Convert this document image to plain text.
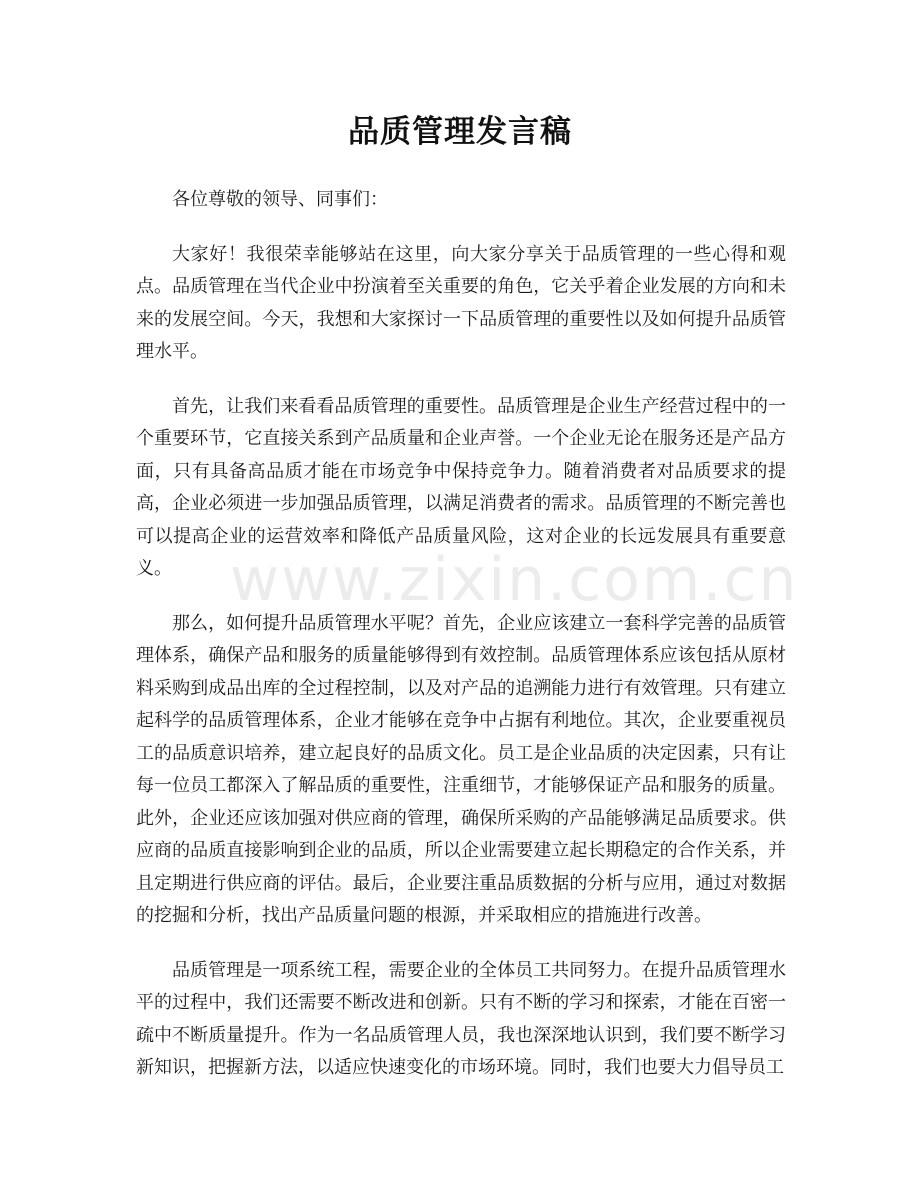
品质管理发言稿

各位尊敬的领导、同事们：

大家好！我很荣幸能够站在这里，向大家分享关于品质管理的一些心得和观点。品质管理在当代企业中扮演着至关重要的角色，它关乎着企业发展的方向和未来的发展空间。今天，我想和大家探讨一下品质管理的重要性以及如何提升品质管理水平。

首先，让我们来看看品质管理的重要性。品质管理是企业生产经营过程中的一个重要环节，它直接关系到产品质量和企业声誉。一个企业无论在服务还是产品方面，只有具备高品质才能在市场竞争中保持竞争力。随着消费者对品质要求的提高，企业必须进一步加强品质管理，以满足消费者的需求。品质管理的不断完善也可以提高企业的运营效率和降低产品质量风险，这对企业的长远发展具有重要意义。

那么，如何提升品质管理水平呢？首先，企业应该建立一套科学完善的品质管理体系，确保产品和服务的质量能够得到有效控制。品质管理体系应该包括从原材料采购到成品出库的全过程控制，以及对产品的追溯能力进行有效管理。只有建立起科学的品质管理体系，企业才能够在竞争中占据有利地位。其次，企业要重视员工的品质意识培养，建立起良好的品质文化。员工是企业品质的决定因素，只有让每一位员工都深入了解品质的重要性，注重细节，才能够保证产品和服务的质量。此外，企业还应该加强对供应商的管理，确保所采购的产品能够满足品质要求。供应商的品质直接影响到企业的品质，所以企业需要建立起长期稳定的合作关系，并且定期进行供应商的评估。最后，企业要注重品质数据的分析与应用，通过对数据的挖掘和分析，找出产品质量问题的根源，并采取相应的措施进行改善。

品质管理是一项系统工程，需要企业的全体员工共同努力。在提升品质管理水平的过程中，我们还需要不断改进和创新。只有不断的学习和探索，才能在百密一疏中不断质量提升。作为一名品质管理人员，我也深深地认识到，我们要不断学习新知识，把握新方法，以适应快速变化的市场环境。同时，我们也要大力倡导员工

www.zixin.com.cn
